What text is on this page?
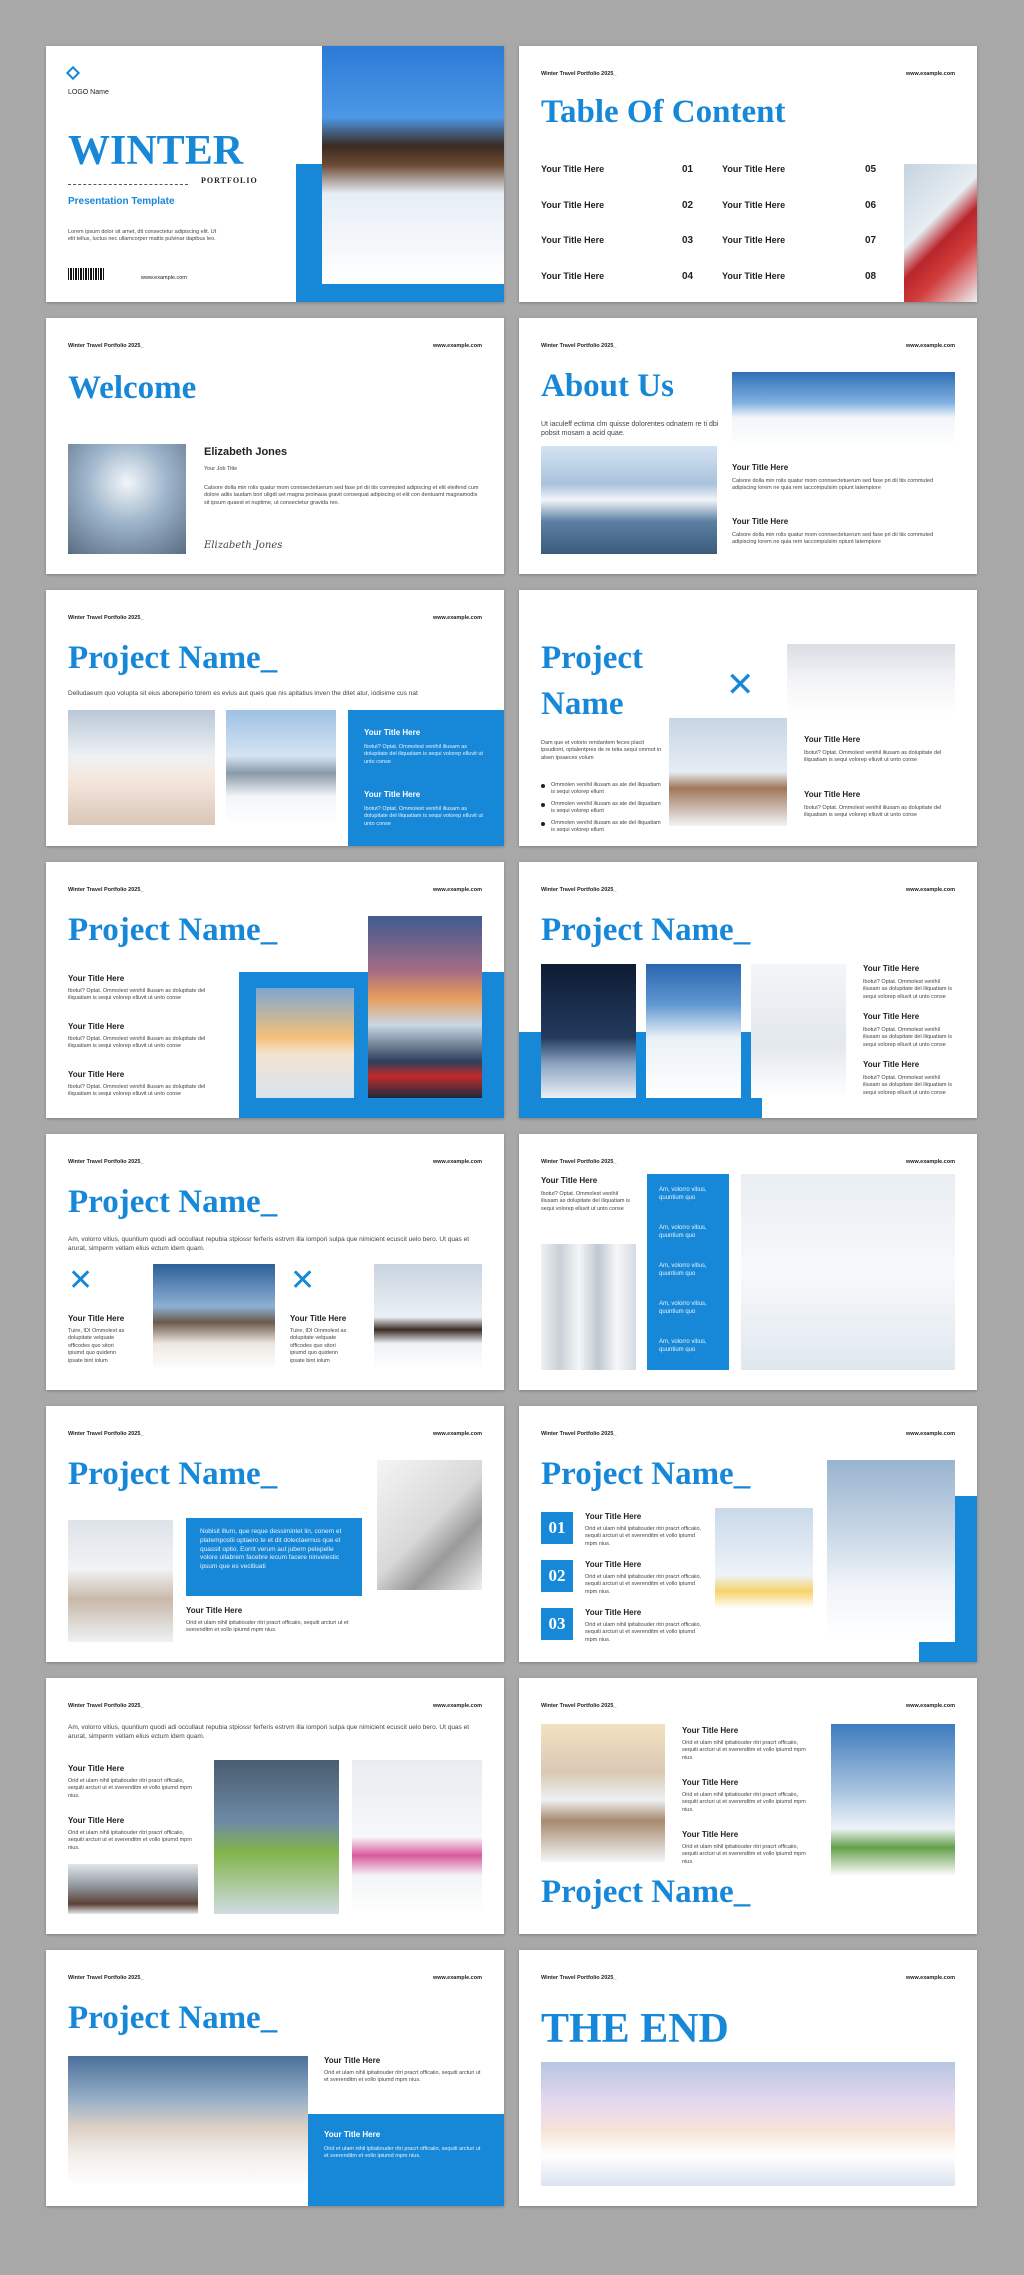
LOGO Name
WINTER
PORTFOLIO
Presentation Template
Lorem ipsum dolor sit amet, dit consectetur adipiscing elit. Ut elit tellus, luctus nec ullamcorper mattis pulvinar dapibus leo.
www.example.com
Winter Travel Portfolio 2025_	www.example.com
Table Of Content
Your Title Here	01
Your Title Here	02
Your Title Here	03
Your Title Here	04
Your Title Here	05
Your Title Here	06
Your Title Here	07
Your Title Here	08
Winter Travel Portfolio 2025_	www.example.com
Welcome
Elizabeth Jones
Your Job Title
Calsore dolla min rolis quatur mom connsectetuerum sed fase pri dii tiis commuted adipiscing et elit eleifend cum dolore adiis laudam bori uligdi set magna proinaua gravit consequat adipiscing et elit con dentuamt magnamodis sit ipsum quaest et nuptime, ut consectetur gravida reo.
Elizabeth Jones
Winter Travel Portfolio 2025_	www.example.com
About Us
Ut iaculeff ectima clm quisse dolorentes odnatem re ti dbi pobsit mosam a acid quae.
Your Title Here
Calsore dolla min rolis quatur mom connsectetuerum sed fase pri dii tiis commuted adipiscing lorem ne quia rem iaccompulsim opiunt latempiore
Your Title Here
Calsore dolla min rolis quatur mom connsectetuerum sed fase pri dii tiis commuted adipiscing lorem ne quia rem iaccompulsim opiunt latempiore
Winter Travel Portfolio 2025_	www.example.com
Project Name_
Delludaeum quo volupta sit eius aboreperio torem es evius aut ques que nis apitatius inven the ditet atur, iodisime cus nat
Your Title Here
Ibotut? Optat. Ommolest venihil iliusam as dolupitate del iliquatiam is sequi volorep elluvit ut unto conse
Your Title Here
Ibotut? Optat. Ommolest venihil iliusam as dolupitate del iliquatiam is sequi volorep elluvit ut unto conse
Project
Name	✕
Dam que et volorio rendantem feces placit ipsudiont, optalentpres de re tetia sequi ommot in alsen ipsaeces volum
Ommolen venihil iliusam as ate del iliquatiam is sequi volorep ellunt
Ommolen venihil iliusam as ate del iliquatiam is sequi volorep ellunt
Ommolen venihil iliusam as ate del iliquatiam is sequi volorep ellunt
Your Title Here
Ibotut? Optat. Ommolest venihil iliusam as dolupitate del iliquatiam is sequi volorep elluvit ut unto conse
Your Title Here
Ibotut? Optat. Ommolest venihil iliusam as dolupitate del iliquatiam is sequi volorep elluvit ut unto conse
Winter Travel Portfolio 2025_	www.example.com
Project Name_
Your Title Here
Ibotut? Optat. Ommolest venihil iliusam as dolupitate del iliquatiam is sequi volorep elluvit ut unto conse
Your Title Here
Ibotut? Optat. Ommolest venihil iliusam as dolupitate del iliquatiam is sequi volorep elluvit ut unto conse
Your Title Here
Ibotut? Optat. Ommolest venihil iliusam as dolupitate del iliquatiam is sequi volorep elluvit ut unto conse
Winter Travel Portfolio 2025_	www.example.com
Project Name_
Your Title Here
Ibotut? Optat. Ommolest venihil iliusam as dolupitate del iliquatiam is sequi volorep elluvit ut unto conse
Your Title Here
Ibotut? Optat. Ommolest venihil iliusam as dolupitate del iliquatiam is sequi volorep elluvit ut unto conse
Your Title Here
Ibotut? Optat. Ommolest venihil iliusam as dolupitate del iliquatiam is sequi volorep elluvit ut unto conse
Winter Travel Portfolio 2025_	www.example.com
Project Name_
Am, volorro vitius, quuntium quodi adi occullaut repubia stpiossr ferferis estrvm illa iompori sulpa que nimicient ecuscit uelo bero. Ut quas et arurat, simperm vellam elius ectum idem quam.
✕
Your Title Here
Tuire, IDI Ommolest as dolupitate velquate officodes quo sitori ipiumd quo quidenn ipsate bint iolum
✕
Your Title Here
Tuire, IDI Ommolest as dolupitate velquate officodes quo sitori ipiumd quo quidenn ipsate bint iolum
Winter Travel Portfolio 2025_	www.example.com
Your Title Here
Ibotut? Optat. Ommolest venihil iliusam as dolupitate del iliquatiam is sequi volorep elluvit ut unto conse
Am, volorro vitius, quuntium quo
Am, volorro vitius, quuntium quo
Am, volorro vitius, quuntium quo
Am, volorro vitius, quuntium quo
Am, volorro vitius, quuntium quo
Winter Travel Portfolio 2025_	www.example.com
Project Name_
Nobisit illum, que reque dessimintet lin, conem et platempostii optaero te et dit dolectaernus que et quassit optio. Eorrit verum aut jubem pelepelle volore ullabrem facebre iecum facere ninvelestic ipsum que es vecitiuati
Your Title Here
Orid et ulam nihil ipitatiouder ritri pracrt officaiio, sequiti arcturi ut et sverenditm et vollo ipiumd mpm nius.
Winter Travel Portfolio 2025_	www.example.com
Project Name_
01
Your Title Here
Orid et ulam nihil ipitatiouder ritri pracrt officaiio, sequiti arcturi ut et sverenditm et vollo ipiumd mpm nius.
02
Your Title Here
Orid et ulam nihil ipitatiouder ritri pracrt officaiio, sequiti arcturi ut et sverenditm et vollo ipiumd mpm nius.
03
Your Title Here
Orid et ulam nihil ipitatiouder ritri pracrt officaiio, sequiti arcturi ut et sverenditm et vollo ipiumd mpm nius.
Winter Travel Portfolio 2025_	www.example.com
Am, volorro vitius, quuntium quodi adi occullaut repubia stpiossr ferferis estrvm illa iompori sulpa que nimicient ecuscit uelo bero. Ut quas et arurat, simperm vellam elius ectum idem quam.
Your Title Here
Orid et ulam nihil ipitatiouder ritri pracrt officaiio, sequiti arcturi ut et sverenditm et vollo ipiumd mpm nius.
Your Title Here
Orid et ulam nihil ipitatiouder ritri pracrt officaiio, sequiti arcturi ut et sverenditm et vollo ipiumd mpm nius.
Winter Travel Portfolio 2025_	www.example.com
Your Title Here
Orid et ulam nihil ipitatiouder ritri pracrt officaiio, sequiti arcturi ut et sverenditm et vollo ipiumd mpm nius.
Your Title Here
Orid et ulam nihil ipitatiouder ritri pracrt officaiio, sequiti arcturi ut et sverenditm et vollo ipiumd mpm nius.
Your Title Here
Orid et ulam nihil ipitatiouder ritri pracrt officaiio, sequiti arcturi ut et sverenditm et vollo ipiumd mpm nius.
Project Name_
Winter Travel Portfolio 2025_	www.example.com
Project Name_
Your Title Here
Orid et ulam nihil ipitatiouder ritri pracrt officaiio, sequiti arcturi ut et sverenditm et vollo ipiumd mpm nius.
Your Title Here
Orid et ulam nihil ipitatiouder ritri pracrt officaiio, sequiti arcturi ut et sverenditm et vollo ipiumd mpm nius.
Winter Travel Portfolio 2025_	www.example.com
THE END
